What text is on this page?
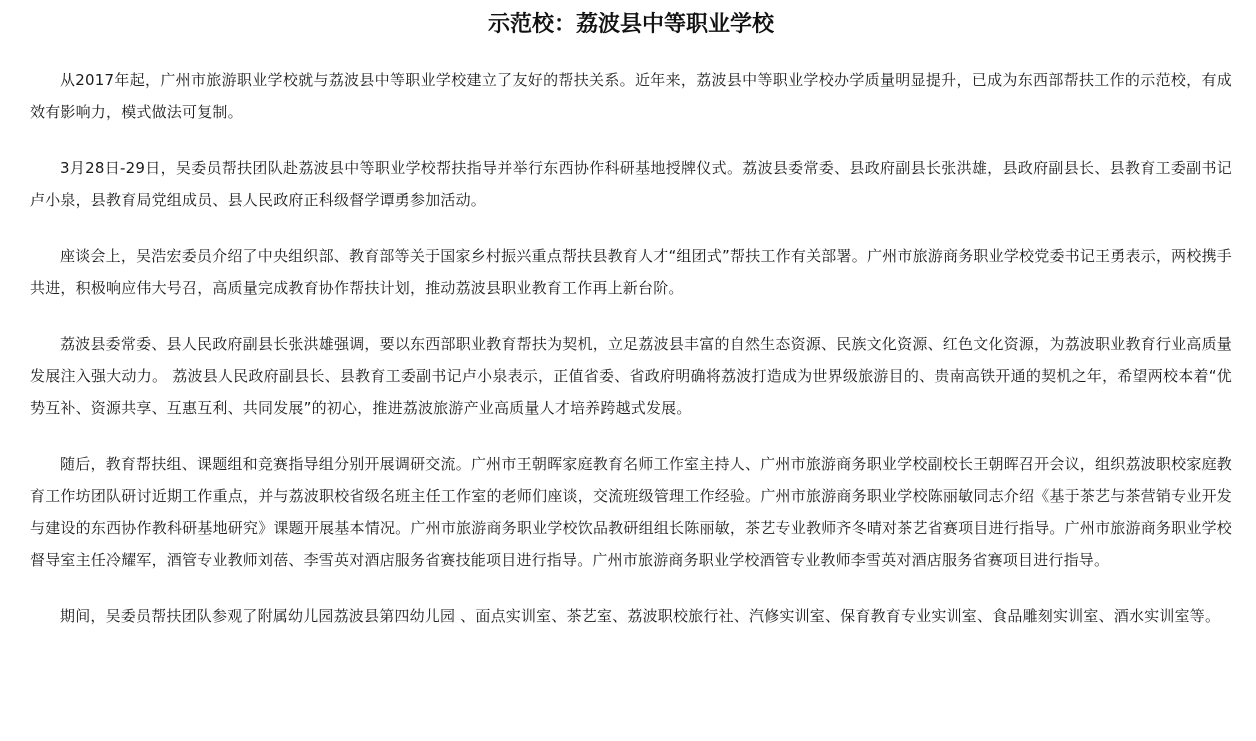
示范校：荔波县中等职业学校

从2017年起，广州市旅游职业学校就与荔波县中等职业学校建立了友好的帮扶关系。近年来，荔波县中等职业学校办学质量明显提升，已成为东西部帮扶工作的示范校，有成效有影响力，模式做法可复制。

3月28日-29日，吴委员帮扶团队赴荔波县中等职业学校帮扶指导并举行东西协作科研基地授牌仪式。荔波县委常委、县政府副县长张洪雄，县政府副县长、县教育工委副书记卢小泉，县教育局党组成员、县人民政府正科级督学谭勇参加活动。

座谈会上，吴浩宏委员介绍了中央组织部、教育部等关于国家乡村振兴重点帮扶县教育人才“组团式”帮扶工作有关部署。广州市旅游商务职业学校党委书记王勇表示，两校携手共进，积极响应伟大号召，高质量完成教育协作帮扶计划，推动荔波县职业教育工作再上新台阶。

荔波县委常委、县人民政府副县长张洪雄强调，要以东西部职业教育帮扶为契机，立足荔波县丰富的自然生态资源、民族文化资源、红色文化资源，为荔波职业教育行业高质量发展注入强大动力。 荔波县人民政府副县长、县教育工委副书记卢小泉表示，正值省委、省政府明确将荔波打造成为世界级旅游目的、贵南高铁开通的契机之年，希望两校本着“优势互补、资源共享、互惠互利、共同发展”的初心，推进荔波旅游产业高质量人才培养跨越式发展。

随后，教育帮扶组、课题组和竞赛指导组分别开展调研交流。广州市王朝晖家庭教育名师工作室主持人、广州市旅游商务职业学校副校长王朝晖召开会议，组织荔波职校家庭教育工作坊团队研讨近期工作重点，并与荔波职校省级名班主任工作室的老师们座谈，交流班级管理工作经验。广州市旅游商务职业学校陈丽敏同志介绍《基于茶艺与茶营销专业开发与建设的东西协作教科研基地研究》课题开展基本情况。广州市旅游商务职业学校饮品教研组组长陈丽敏，茶艺专业教师齐冬晴对茶艺省赛项目进行指导。广州市旅游商务职业学校督导室主任冷耀军，酒管专业教师刘蓓、李雪英对酒店服务省赛技能项目进行指导。广州市旅游商务职业学校酒管专业教师李雪英对酒店服务省赛项目进行指导。

期间，吴委员帮扶团队参观了附属幼儿园荔波县第四幼儿园 、面点实训室、茶艺室、荔波职校旅行社、汽修实训室、保育教育专业实训室、食品雕刻实训室、酒水实训室等。
